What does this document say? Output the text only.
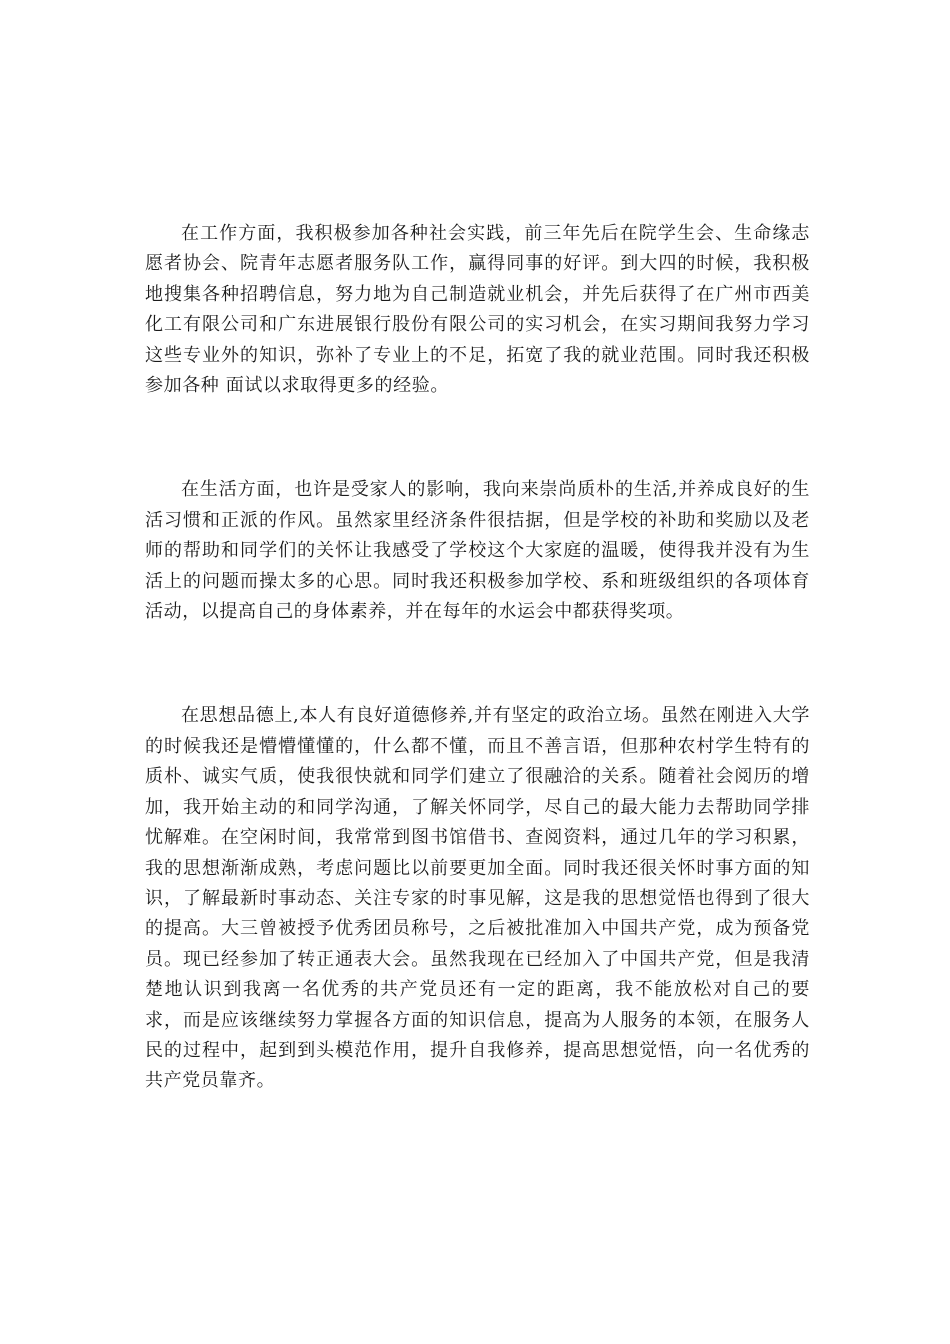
在工作方面，我积极参加各种社会实践，前三年先后在院学生会、生命缘志愿者协会、院青年志愿者服务队工作，赢得同事的好评。到大四的时候，我积极地搜集各种招聘信息，努力地为自己制造就业机会，并先后获得了在广州市西美化工有限公司和广东进展银行股份有限公司的实习机会，在实习期间我努力学习这些专业外的知识，弥补了专业上的不足，拓宽了我的就业范围。同时我还积极参加各种 面试以求取得更多的经验。

在生活方面，也许是受家人的影响，我向来崇尚质朴的生活,并养成良好的生活习惯和正派的作风。虽然家里经济条件很拮据，但是学校的补助和奖励以及老师的帮助和同学们的关怀让我感受了学校这个大家庭的温暖，使得我并没有为生活上的问题而操太多的心思。同时我还积极参加学校、系和班级组织的各项体育活动，以提高自己的身体素养，并在每年的水运会中都获得奖项。

在思想品德上,本人有良好道德修养,并有坚定的政治立场。虽然在刚进入大学的时候我还是懵懵懂懂的，什么都不懂，而且不善言语，但那种农村学生特有的质朴、诚实气质，使我很快就和同学们建立了很融洽的关系。随着社会阅历的增加，我开始主动的和同学沟通，了解关怀同学，尽自己的最大能力去帮助同学排忧解难。在空闲时间，我常常到图书馆借书、查阅资料，通过几年的学习积累，我的思想渐渐成熟，考虑问题比以前要更加全面。同时我还很关怀时事方面的知识，了解最新时事动态、关注专家的时事见解，这是我的思想觉悟也得到了很大的提高。大三曾被授予优秀团员称号，之后被批准加入中国共产党，成为预备党员。现已经参加了转正通表大会。虽然我现在已经加入了中国共产党，但是我清楚地认识到我离一名优秀的共产党员还有一定的距离，我不能放松对自己的要求，而是应该继续努力掌握各方面的知识信息，提高为人服务的本领，在服务人民的过程中，起到到头模范作用，提升自我修养，提高思想觉悟，向一名优秀的共产党员靠齐。
